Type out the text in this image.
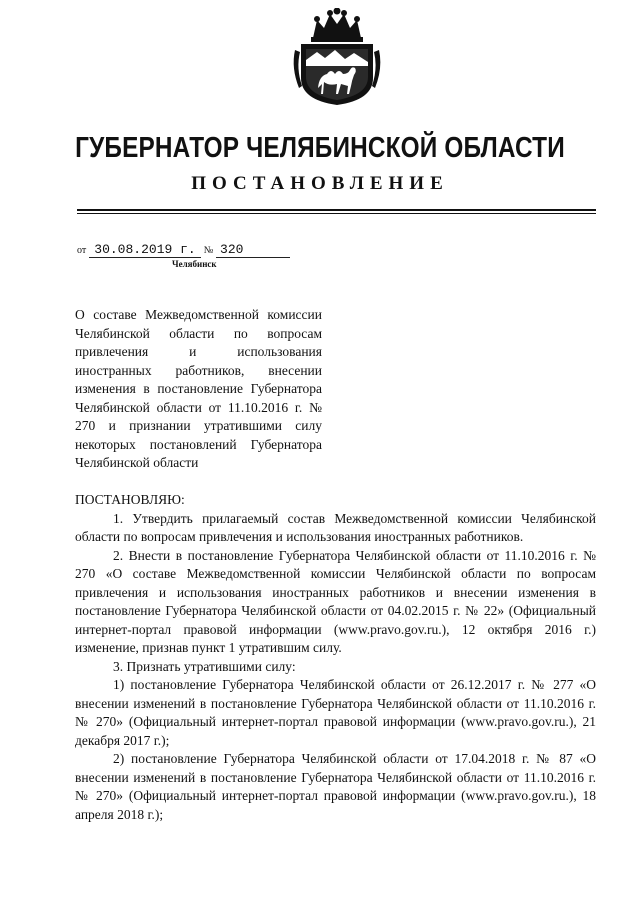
ГУБЕРНАТОР ЧЕЛЯБИНСКОЙ ОБЛАСТИ
ПОСТАНОВЛЕНИЕ
от 30.08.2019 г. № 320
Челябинск
О составе Межведомственной комиссии Челябинской области по вопросам привлечения и использования иностранных работников, внесении изменения в постановление Губернатора Челябинской области от 11.10.2016 г. № 270 и признании утратившими силу некоторых постановлений Губернатора Челябинской области

ПОСТАНОВЛЯЮ:

1. Утвердить прилагаемый состав Межведомственной комиссии Челябинской области по вопросам привлечения и использования иностранных работников.

2. Внести в постановление Губернатора Челябинской области от 11.10.2016 г. № 270 «О составе Межведомственной комиссии Челябинской области по вопросам привлечения и использования иностранных работников и внесении изменения в постановление Губернатора Челябинской области от 04.02.2015 г. № 22» (Официальный интернет-портал правовой информации (www.pravo.gov.ru.), 12 октября 2016 г.) изменение, признав пункт 1 утратившим силу.

3. Признать утратившими силу:

1) постановление Губернатора Челябинской области от 26.12.2017 г. № 277 «О внесении изменений в постановление Губернатора Челябинской области от 11.10.2016 г. № 270» (Официальный интернет-портал правовой информации (www.pravo.gov.ru.), 21 декабря 2017 г.);

2) постановление Губернатора Челябинской области от 17.04.2018 г. № 87 «О внесении изменений в постановление Губернатора Челябинской области от 11.10.2016 г. № 270» (Официальный интернет-портал правовой информации (www.pravo.gov.ru.), 18 апреля 2018 г.);
